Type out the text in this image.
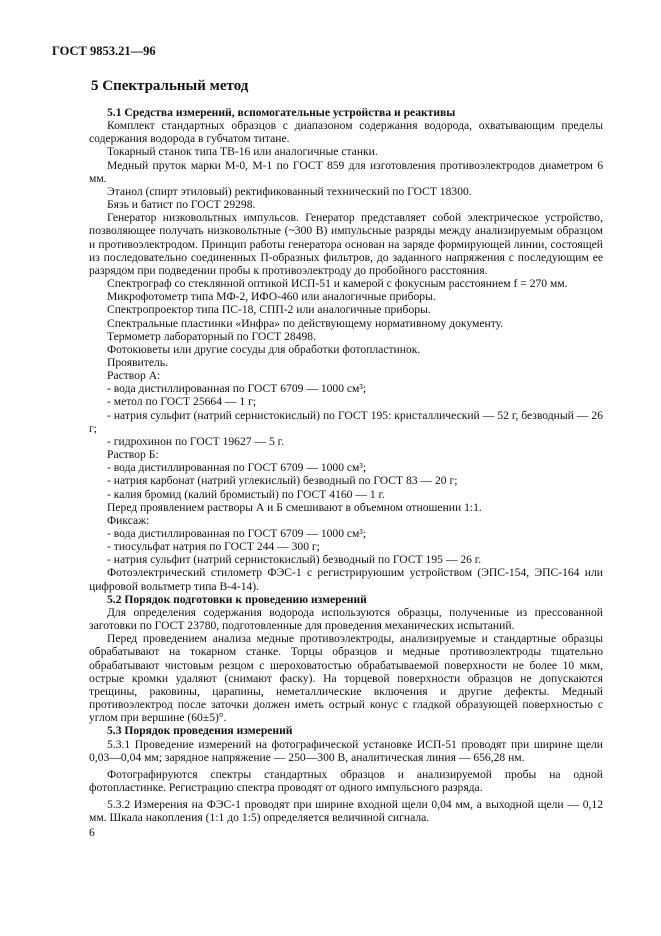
ГОСТ 9853.21—96
5 Спектральный метод

5.1 Средства измерений, вспомогательные устройства и реактивы

Комплект стандартных образцов с диапазоном содержания водорода, охватывающим пределы содержания водорода в губчатом титане.

Токарный станок типа ТВ-16 или аналогичные станки.

Медный пруток марки М-0, М-1 по ГОСТ 859 для изготовления противоэлектродов диаметром 6 мм.

Этанол (спирт этиловый) ректификованный технический по ГОСТ 18300.

Бязь и батист по ГОСТ 29298.

Генератор низковольтных импульсов. Генератор представляет собой электрическое устройство, позволяющее получать низковольтные (~300 В) импульсные разряды между анализируемым образцом и противоэлектродом. Принцип работы генератора основан на заряде формирующей линии, состоящей из последовательно соединенных П-образных фильтров, до заданного напряжения с последующим ее разрядом при подведении пробы к противоэлектроду до пробойного расстояния.

Спектрограф со стеклянной оптикой ИСП-51 и камерой с фокусным расстоянием f = 270 мм.

Микрофотометр типа МФ-2, ИФО-460 или аналогичные приборы.

Спектропроектор типа ПС-18, СПП-2 или аналогичные приборы.

Спектральные пластинки «Инфра» по действующему нормативному документу.

Термометр лабораторный по ГОСТ 28498.

Фотокюветы или другие сосуды для обработки фотопластинок.

Проявитель.

Раствор А:

- вода дистиллированная по ГОСТ 6709 — 1000 см³;

- метол по ГОСТ 25664 — 1 г;

- натрия сульфит (натрий сернистокислый) по ГОСТ 195: кристаллический — 52 г, безводный — 26 г;

- гидрохинон по ГОСТ 19627 — 5 г.

Раствор Б:

- вода дистиллированная по ГОСТ 6709 — 1000 см³;

- натрия карбонат (натрий углекислый) безводный по ГОСТ 83 — 20 г;

- калия бромид (калий бромистый) по ГОСТ 4160 — 1 г.

Перед проявлением растворы А и Б смешивают в объемном отношении 1:1.

Фиксаж:

- вода дистиллированная по ГОСТ 6709 — 1000 см³;

- тиосульфат натрия по ГОСТ 244 — 300 г;

- натрия сульфит (натрий сернистокислый) безводный по ГОСТ 195 — 26 г.

Фотоэлектрический стилометр ФЭС-1 с регистрируюшим устройством (ЭПС-154, ЭПС-164 или цифровой вольтметр типа В-4-14).

5.2 Порядок подготовки к проведению измерений

Для определения содержания водорода используются образцы, полученные из прессованной заготовки по ГОСТ 23780, подготовленные для проведения механических испытаний.

Перед проведением анализа медные противоэлектроды, анализируемые и стандартные образцы обрабатывают на токарном станке. Торцы образцов и медные противоэлектроды тщательно обрабатывают чистовым резцом с шероховатостью обрабатываемой поверхности не более 10 мкм, острые кромки удаляют (снимают фаску). На торцевой поверхности образцов не допускаются трещины, раковины, царапины, неметаллические включения и другие дефекты. Медный противоэлектрод после заточки должен иметь острый конус с гладкой образующей поверхностью с углом при вершине (60±5)°.

5.3 Порядок проведения измерений

5.3.1 Проведение измерений на фотографической установке ИСП-51 проводят при ширине щели 0,03—0,04 мм; зарядное напряжение — 250—300 В, аналитическая линия — 656,28 нм.

Фотографируются спектры стандартных образцов и анализируемой пробы на одной фотопластинке. Регистрацию спектра проводят от одного импульсного разряда.

5.3.2 Измерения на ФЭС-1 проводят при ширине входной щели 0,04 мм, а выходной щели — 0,12 мм. Шкала накопления (1:1 до 1:5) определяется величиной сигнала.

6
